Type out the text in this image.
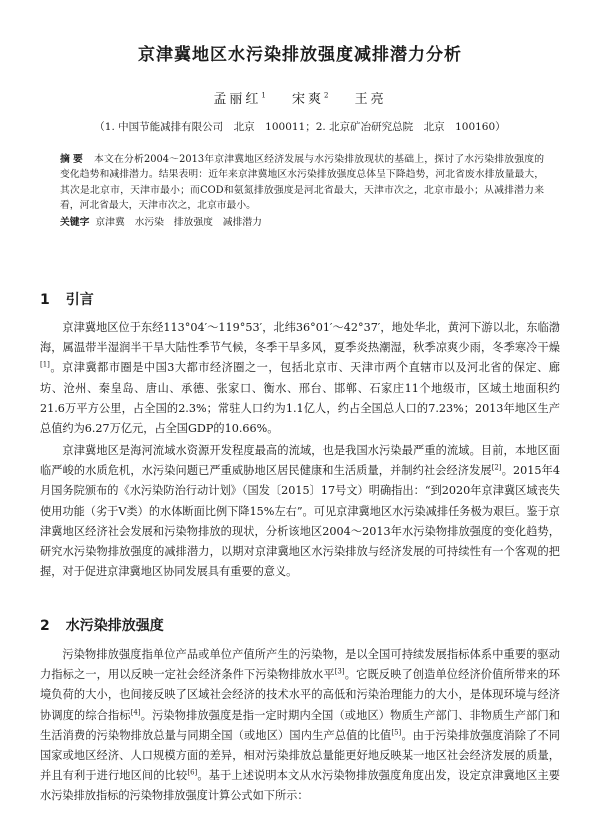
京津冀地区水污染排放强度减排潜力分析
孟丽红$^1$ 宋爽$^2$ 王亮
（1. 中国节能减排有限公司　北京　100011；2. 北京矿冶研究总院　北京　100160）
摘要 本文在分析2004～2013年京津冀地区经济发展与水污染排放现状的基础上，探讨了水污染排放强度的变化趋势和减排潜力。结果表明：近年来京津冀地区水污染排放强度总体呈下降趋势，河北省废水排放量最大，其次是北京市，天津市最小；而COD和氨氮排放强度是河北省最大，天津市次之，北京市最小；从减排潜力来看，河北省最大，天津市次之，北京市最小。
关键字 京津冀　水污染　排放强度　减排潜力
1 引言

京津冀地区位于东经113°04′～119°53′，北纬36°01′～42°37′，地处华北，黄河下游以北，东临渤海，属温带半湿润半干旱大陆性季节气候，冬季干旱多风，夏季炎热潮湿，秋季凉爽少雨，冬季寒冷干燥[1]。京津冀都市圈是中国3大都市经济圈之一，包括北京市、天津市两个直辖市以及河北省的保定、廊坊、沧州、秦皇岛、唐山、承德、张家口、衡水、邢台、邯郸、石家庄11个地级市，区域土地面积约21.6万平方公里，占全国的2.3%；常驻人口约为1.1亿人，约占全国总人口的7.23%；2013年地区生产总值约为6.27万亿元，占全国GDP的10.66%。

京津冀地区是海河流域水资源开发程度最高的流域，也是我国水污染最严重的流域。目前，本地区面临严峻的水质危机，水污染问题已严重威胁地区居民健康和生活质量，并制约社会经济发展[2]。2015年4月国务院颁布的《水污染防治行动计划》（国发〔2015〕17号文）明确指出：“到2020年京津冀区域丧失使用功能（劣于V类）的水体断面比例下降15%左右”。可见京津冀地区水污染减排任务极为艰巨。鉴于京津冀地区经济社会发展和污染物排放的现状，分析该地区2004～2013年水污染物排放强度的变化趋势，研究水污染物排放强度的减排潜力，以期对京津冀地区水污染排放与经济发展的可持续性有一个客观的把握，对于促进京津冀地区协同发展具有重要的意义。

2 水污染排放强度

污染物排放强度指单位产品或单位产值所产生的污染物，是以全国可持续发展指标体系中重要的驱动力指标之一，用以反映一定社会经济条件下污染物排放水平[3]。它既反映了创造单位经济价值所带来的环境负荷的大小，也间接反映了区域社会经济的技术水平的高低和污染治理能力的大小，是体现环境与经济协调度的综合指标[4]。污染物排放强度是指一定时期内全国（或地区）物质生产部门、非物质生产部门和生活消费的污染物排放总量与同期全国（或地区）国内生产总值的比值[5]。由于污染排放强度消除了不同国家或地区经济、人口规模方面的差异，相对污染排放总量能更好地反映某一地区社会经济发展的质量，并且有利于进行地区间的比较[6]。基于上述说明本文从水污染物排放强度角度出发，设定京津冀地区主要水污染排放指标的污染物排放强度计算公式如下所示：
